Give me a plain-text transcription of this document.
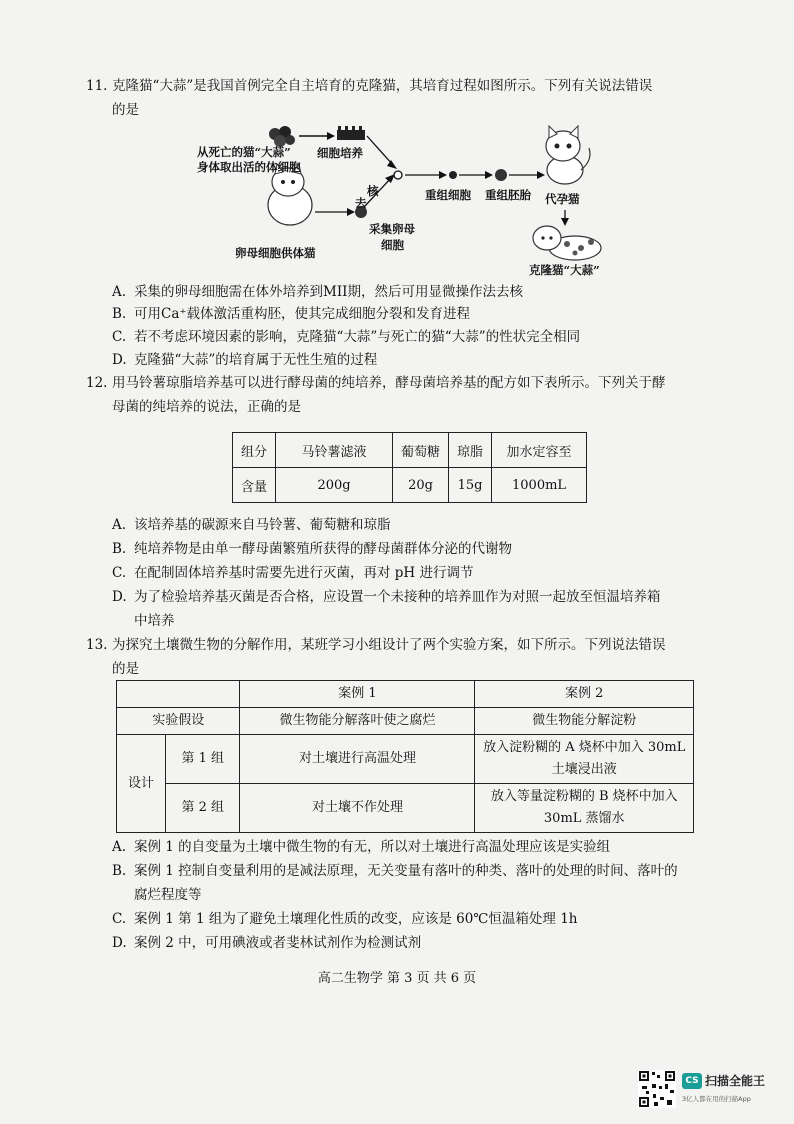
11. 克隆猫“大蒜”是我国首例完全自主培育的克隆猫，其培育过程如图所示。下列有关说法错误
的是
从死亡的猫“大蒜”
身体取出活的体细胞
细胞培养
核
去
采集卵母
细胞
卵母细胞供体猫
重组细胞 重组胚胎 代孕猫
克隆猫“大蒜”
A. 采集的卵母细胞需在体外培养到MII期，然后可用显微操作法去核
B. 可用Ca⁺载体激活重构胚，使其完成细胞分裂和发育进程
C. 若不考虑环境因素的影响，克隆猫“大蒜”与死亡的猫“大蒜”的性状完全相同
D. 克隆猫“大蒜”的培育属于无性生殖的过程
12. 用马铃薯琼脂培养基可以进行酵母菌的纯培养，酵母菌培养基的配方如下表所示。下列关于酵
母菌的纯培养的说法，正确的是
组分	马铃薯滤液	葡萄糖	琼脂	加水定容至
含量	200g	20g	15g	1000mL
A. 该培养基的碳源来自马铃薯、葡萄糖和琼脂
B. 纯培养物是由单一酵母菌繁殖所获得的酵母菌群体分泌的代谢物
C. 在配制固体培养基时需要先进行灭菌，再对 pH 进行调节
D. 为了检验培养基灭菌是否合格，应设置一个未接种的培养皿作为对照一起放至恒温培养箱
中培养
13. 为探究土壤微生物的分解作用，某班学习小组设计了两个实验方案，如下所示。下列说法错误
的是
		案例 1	案例 2
实验假设		微生物能分解落叶使之腐烂	微生物能分解淀粉
设计	第 1 组	对土壤进行高温处理	放入淀粉糊的 A 烧杯中加入 30mL
土壤浸出液

	第 2 组	对土壤不作处理	放入等量淀粉糊的 B 烧杯中加入
30mL 蒸馏水
A. 案例 1 的自变量为土壤中微生物的有无，所以对土壤进行高温处理应该是实验组
B. 案例 1 控制自变量利用的是减法原理，无关变量有落叶的种类、落叶的处理的时间、落叶的
腐烂程度等
C. 案例 1 第 1 组为了避免土壤理化性质的改变，应该是 60℃恒温箱处理 1h
D. 案例 2 中，可用碘液或者斐林试剂作为检测试剂
高二生物学 第 3 页 共 6 页
CS 扫描全能王
3亿人都在用的扫描App
